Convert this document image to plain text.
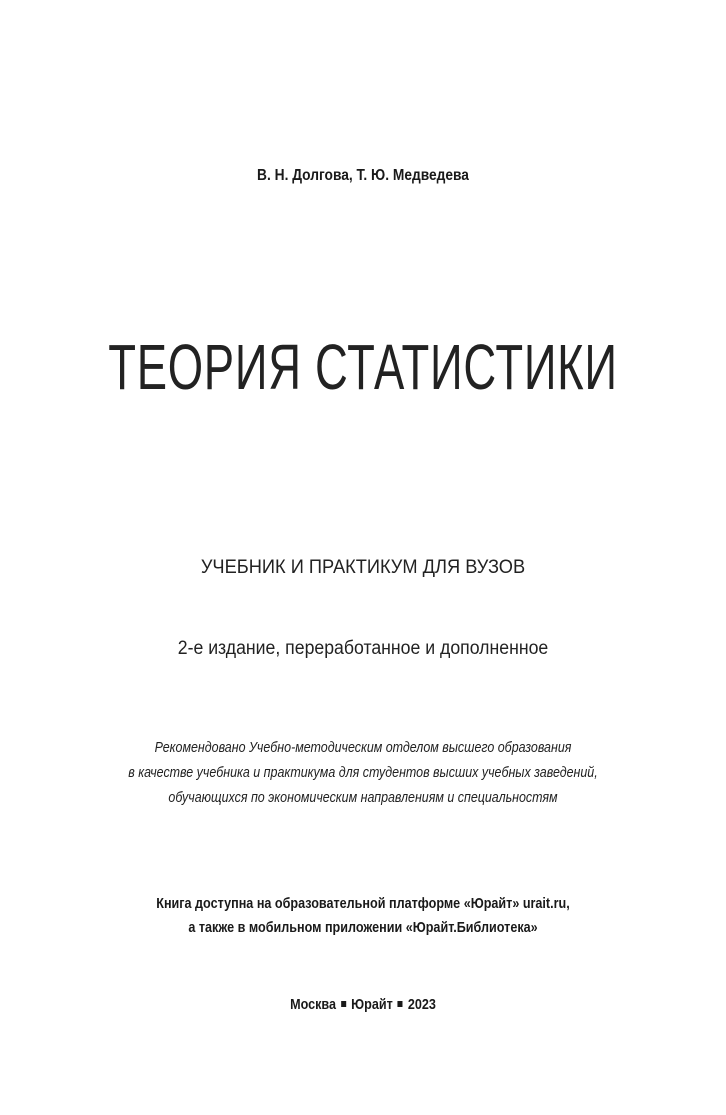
В. Н. Долгова, Т. Ю. Медведева
ТЕОРИЯ СТАТИСТИКИ
УЧЕБНИК И ПРАКТИКУМ ДЛЯ ВУЗОВ
2-е издание, переработанное и дополненное
Рекомендовано Учебно-методическим отделом высшего образования
в качестве учебника и практикума для студентов высших учебных заведений,
обучающихся по экономическим направлениям и специальностям
Книга доступна на образовательной платформе «Юрайт» urait.ru,
а также в мобильном приложении «Юрайт.Библиотека»
Москва Юрайт 2023
